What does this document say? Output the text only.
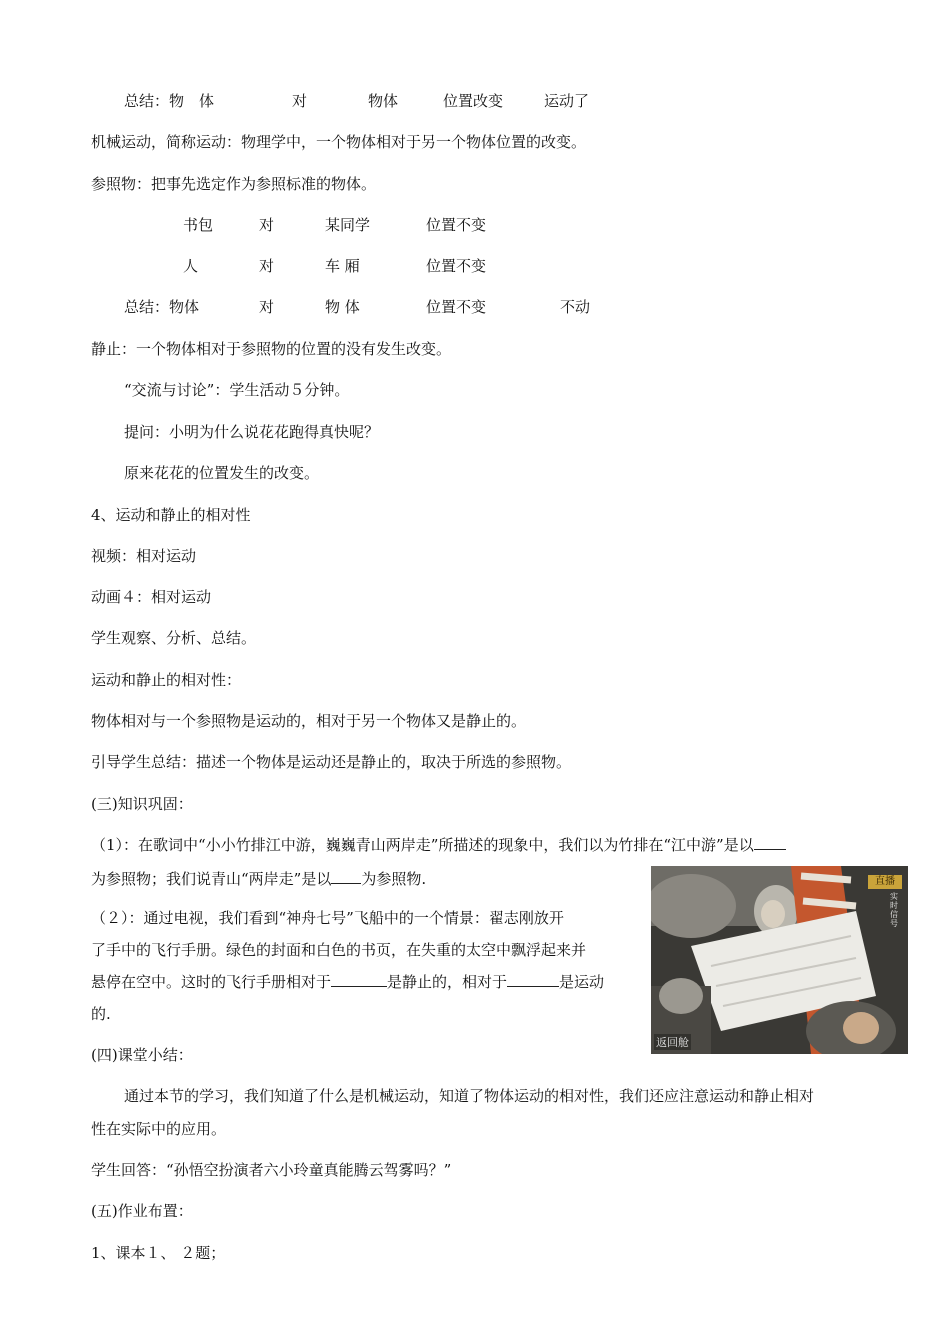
总结：物　体	对	物体	位置改变	运动了
机械运动，简称运动：物理学中，一个物体相对于另一个物体位置的改变。
参照物：把事先选定作为参照标准的物体。
书包	对	某同学	位置不变
人	对	车 厢	位置不变
总结：物体	对	物 体	位置不变	不动
静止：一个物体相对于参照物的位置的没有发生改变。
“交流与讨论”：学生活动５分钟。
提问：小明为什么说花花跑得真快呢？
原来花花的位置发生的改变。
4、运动和静止的相对性
视频：相对运动
动画４：相对运动
学生观察、分析、总结。
运动和静止的相对性：
物体相对与一个参照物是运动的，相对于另一个物体又是静止的。
引导学生总结：描述一个物体是运动还是静止的，取决于所选的参照物。
(三)知识巩固：
（1）：在歌词中“小小竹排江中游，巍巍青山两岸走”所描述的现象中，我们以为竹排在“江中游”是以
为参照物；我们说青山“两岸走”是以 为参照物.
（２）：通过电视，我们看到“神舟七号”飞船中的一个情景：翟志刚放开
了手中的飞行手册。绿色的封面和白色的书页，在失重的太空中飘浮起来并
悬停在空中。这时的飞行手册相对于	是静止的，相对于	是运动
的.
直播
实时信号
返回舱
(四)课堂小结：
通过本节的学习，我们知道了什么是机械运动，知道了物体运动的相对性，我们还应注意运动和静止相对
性在实际中的应用。
学生回答：“孙悟空扮演者六小玲童真能腾云驾雾吗？”
(五)作业布置：
1、课本１、 ２题；
